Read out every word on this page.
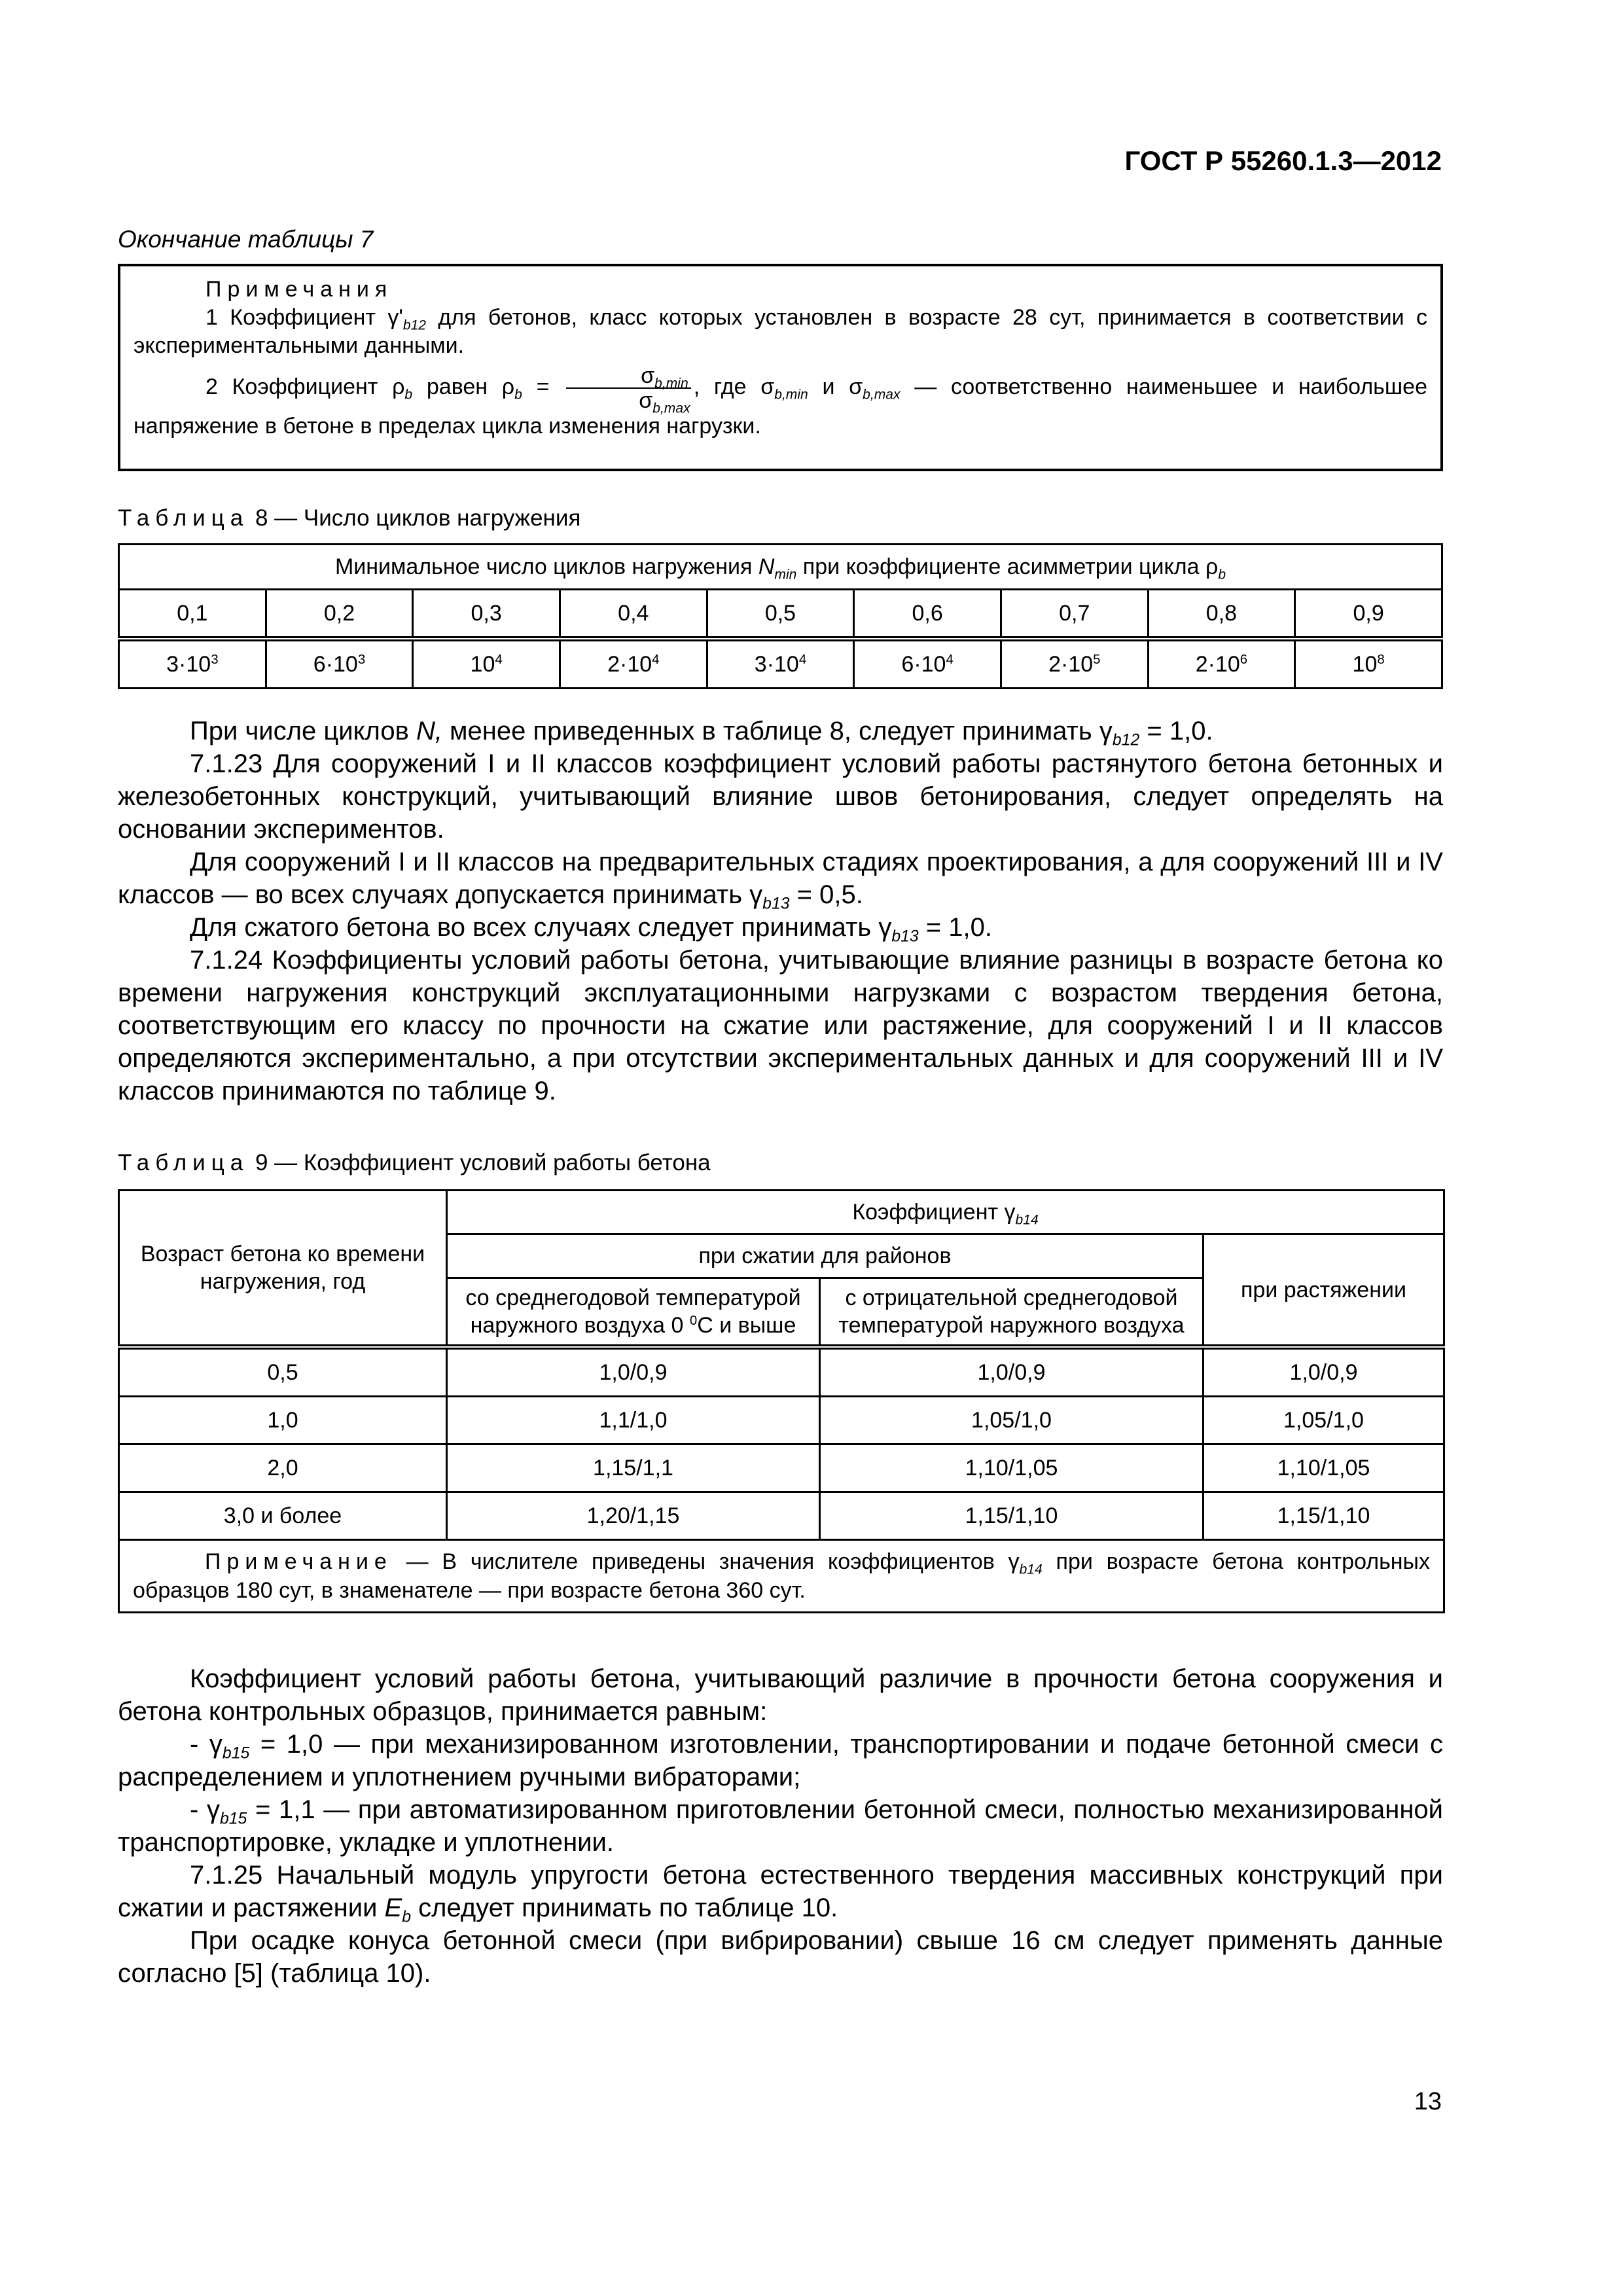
ГОСТ Р 55260.1.3—2012
Окончание таблицы 7
Примечания
1 Коэффициент $\gamma'_{b12}$ для бетонов, класс которых установлен в возрасте 28 сут, принимается в соответствии с экспериментальными данными.
2 Коэффициент $\rho_b$ равен $\rho_b = \frac{\sigma_{b,min}}{\sigma_{b,max}}$ , где $\sigma_{b,min}$ и $\sigma_{b,max}$ — соответственно наименьшее и наибольшее напряжение в бетоне в пределах цикла изменения нагрузки.
Таблица 8 — Число циклов нагружения
Минимальное число циклов нагружения $N_{min}$ при коэффициенте асимметрии цикла $\rho_b$
0,1	0,2	0,3	0,4	0,5	0,6	0,7	0,8	0,9
$3\cdot 10^3$	$6\cdot 10^3$	$10^4$	$2\cdot 10^4$	$3\cdot 10^4$	$6\cdot 10^4$	$2\cdot 10^5$	$2\cdot 10^6$	$10^8$

При числе циклов N, менее приведенных в таблице 8, следует принимать $\gamma_{b12} = 1,0$.

7.1.23 Для сооружений I и II классов коэффициент условий работы растянутого бетона бетонных и железобетонных конструкций, учитывающий влияние швов бетонирования, следует определять на основании экспериментов.

Для сооружений I и II классов на предварительных стадиях проектирования, а для сооружений III и IV классов — во всех случаях допускается принимать $\gamma_{b13} = 0,5$.

Для сжатого бетона во всех случаях следует принимать $\gamma_{b13} = 1,0$.

7.1.24 Коэффициенты условий работы бетона, учитывающие влияние разницы в возрасте бетона ко времени нагружения конструкций эксплуатационными нагрузками с возрастом твердения бетона, соответствующим его классу по прочности на сжатие или растяжение, для сооружений I и II классов определяются экспериментально, а при отсутствии экспериментальных данных и для сооружений III и IV классов принимаются по таблице 9.

Таблица 9 — Коэффициент условий работы бетона
Возраст бетона ко времени нагружения, год	Коэффициент $\gamma_{b14}$
	при сжатии для районов		при растяжении
	со среднегодовой температурой наружного воздуха 0 $^0$С и выше	с отрицательной среднегодовой температурой наружного воздуха	
0,5	1,0/0,9	1,0/0,9	1,0/0,9
1,0	1,1/1,0	1,05/1,0	1,05/1,0
2,0	1,15/1,1	1,10/1,05	1,10/1,05
3,0 и более	1,20/1,15	1,15/1,10	1,15/1,10
Примечание — В числителе приведены значения коэффициентов $\gamma_{b14}$ при возрасте бетона контрольных образцов 180 сут, в знаменателе — при возрасте бетона 360 сут.			

Коэффициент условий работы бетона, учитывающий различие в прочности бетона сооружения и бетона контрольных образцов, принимается равным:

- $\gamma_{b15} = 1,0$ — при механизированном изготовлении, транспортировании и подаче бетонной смеси с распределением и уплотнением ручными вибраторами;

- $\gamma_{b15} = 1,1$ — при автоматизированном приготовлении бетонной смеси, полностью механизированной транспортировке, укладке и уплотнении.

7.1.25 Начальный модуль упругости бетона естественного твердения массивных конструкций при сжатии и растяжении $E_b$ следует принимать по таблице 10.

При осадке конуса бетонной смеси (при вибрировании) свыше 16 см следует применять данные согласно [5] (таблица 10).

13
